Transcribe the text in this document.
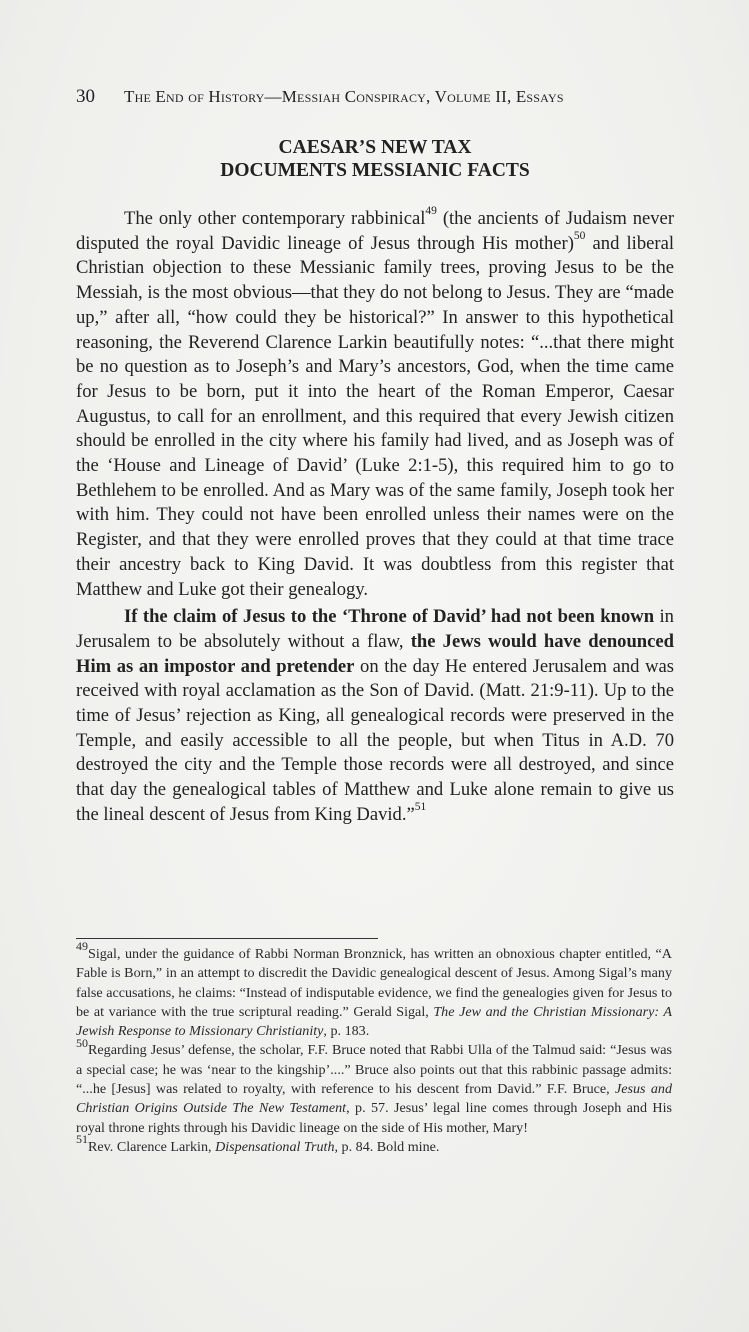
30 The End of History—Messiah Conspiracy, Volume II, Essays
CAESAR’S NEW TAX
DOCUMENTS MESSIANIC FACTS

The only other contemporary rabbinical$^{49}$ (the ancients of Judaism never disputed the royal Davidic lineage of Jesus through His mother)$^{50}$ and liberal Christian objection to these Messianic family trees, proving Jesus to be the Messiah, is the most obvious—that they do not belong to Jesus. They are “made up,” after all, “how could they be historical?” In answer to this hypothetical reasoning, the Reverend Clarence Larkin beautifully notes: “...that there might be no question as to Joseph’s and Mary’s ancestors, God, when the time came for Jesus to be born, put it into the heart of the Roman Emperor, Caesar Augustus, to call for an enrollment, and this required that every Jewish citizen should be enrolled in the city where his family had lived, and as Joseph was of the ‘House and Lineage of David’ (Luke 2:1-5), this required him to go to Bethlehem to be enrolled. And as Mary was of the same family, Joseph took her with him. They could not have been enrolled unless their names were on the Register, and that they were enrolled proves that they could at that time trace their ancestry back to King David. It was doubtless from this register that Matthew and Luke got their genealogy.

If the claim of Jesus to the ‘Throne of David’ had not been known in Jerusalem to be absolutely without a flaw, the Jews would have denounced Him as an impostor and pretender on the day He entered Jerusalem and was received with royal acclamation as the Son of David. (Matt. 21:9-11). Up to the time of Jesus’ rejection as King, all genealogical records were preserved in the Temple, and easily accessible to all the people, but when Titus in A.D. 70 destroyed the city and the Temple those records were all destroyed, and since that day the genealogical tables of Matthew and Luke alone remain to give us the lineal descent of Jesus from King David.”$^{51}$

$^{49}$Sigal, under the guidance of Rabbi Norman Bronznick, has written an obnoxious chapter entitled, “A Fable is Born,” in an attempt to discredit the Davidic genealogical descent of Jesus. Among Sigal’s many false accusations, he claims: “Instead of indisputable evidence, we find the genealogies given for Jesus to be at variance with the true scriptural reading.” Gerald Sigal, The Jew and the Christian Missionary: A Jewish Response to Missionary Christianity, p. 183.

$^{50}$Regarding Jesus’ defense, the scholar, F.F. Bruce noted that Rabbi Ulla of the Talmud said: “Jesus was a special case; he was ‘near to the kingship’....” Bruce also points out that this rabbinic passage admits: “...he [Jesus] was related to royalty, with reference to his descent from David.” F.F. Bruce, Jesus and Christian Origins Outside The New Testament, p. 57. Jesus’ legal line comes through Joseph and His royal throne rights through his Davidic lineage on the side of His mother, Mary!

$^{51}$Rev. Clarence Larkin, Dispensational Truth, p. 84. Bold mine.
